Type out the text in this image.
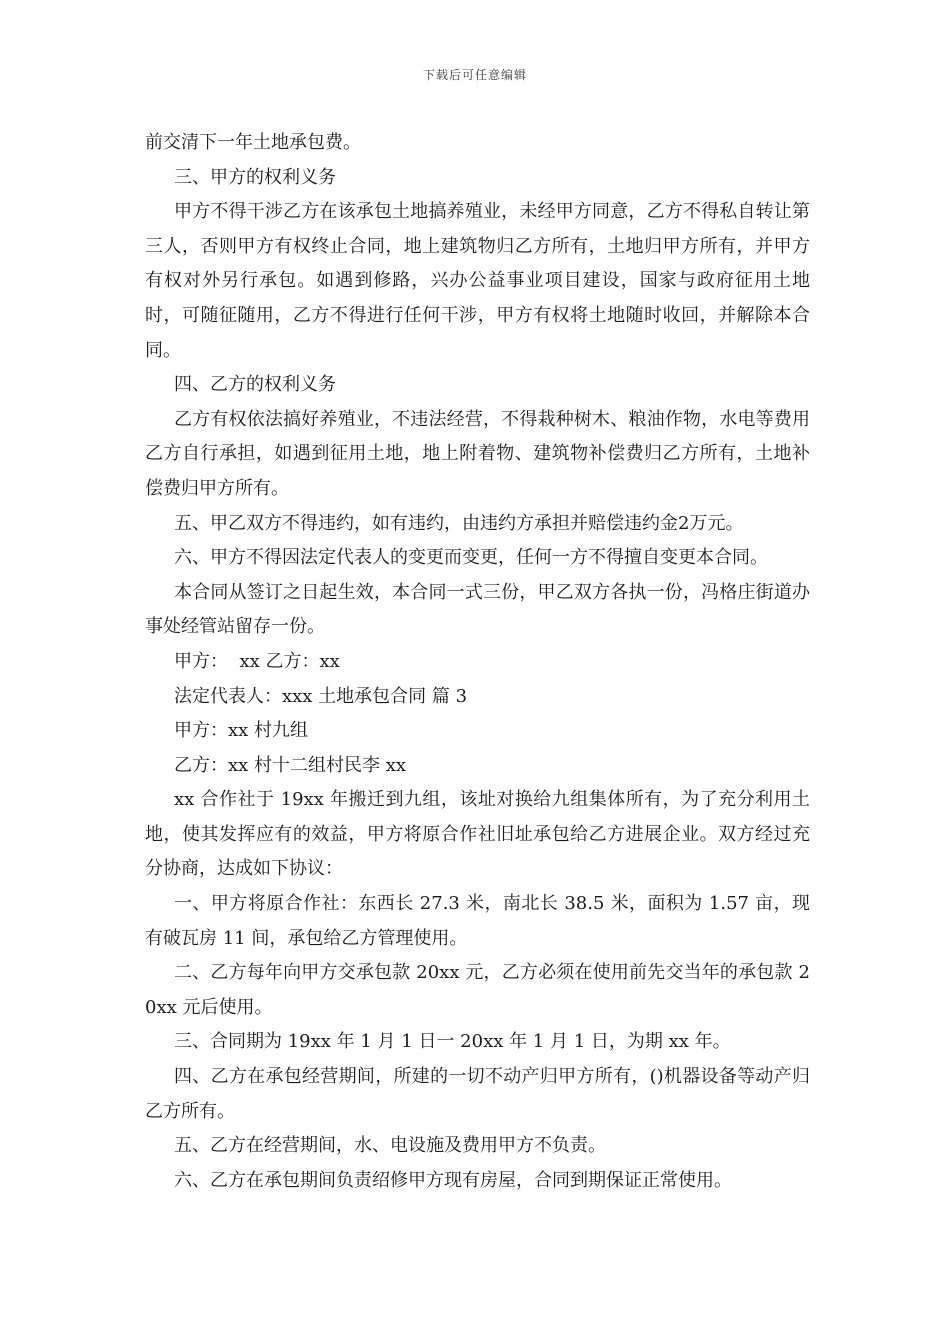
下载后可任意编辑

前交清下一年土地承包费。

三、甲方的权利义务

甲方不得干涉乙方在该承包土地搞养殖业，未经甲方同意，乙方不得私自转让第三人，否则甲方有权终止合同，地上建筑物归乙方所有，土地归甲方所有，并甲方有权对外另行承包。如遇到修路，兴办公益事业项目建设，国家与政府征用土地时，可随征随用，乙方不得进行任何干涉，甲方有权将土地随时收回，并解除本合同。

四、乙方的权利义务

乙方有权依法搞好养殖业，不违法经营，不得栽种树木、粮油作物，水电等费用乙方自行承担，如遇到征用土地，地上附着物、建筑物补偿费归乙方所有，土地补偿费归甲方所有。

五、甲乙双方不得违约，如有违约，由违约方承担并赔偿违约金2万元。

六、甲方不得因法定代表人的变更而变更，任何一方不得擅自变更本合同。

本合同从签订之日起生效，本合同一式三份，甲乙双方各执一份，冯格庄街道办事处经管站留存一份。

甲方：  xx 乙方：xx

法定代表人：xxx 土地承包合同 篇 3

甲方：xx 村九组

乙方：xx 村十二组村民李 xx

xx 合作社于 19xx 年搬迁到九组，该址对换给九组集体所有，为了充分利用土地，使其发挥应有的效益，甲方将原合作社旧址承包给乙方进展企业。双方经过充分协商，达成如下协议：

一、甲方将原合作社：东西长 27.3 米，南北长 38.5 米，面积为 1.57 亩，现有破瓦房 11 间，承包给乙方管理使用。

二、乙方每年向甲方交承包款 20xx 元，乙方必须在使用前先交当年的承包款 20xx 元后使用。

三、合同期为 19xx 年 1 月 1 日一 20xx 年 1 月 1 日，为期 xx 年。

四、乙方在承包经营期间，所建的一切不动产归甲方所有，()机器设备等动产归乙方所有。

五、乙方在经营期间，水、电设施及费用甲方不负责。

六、乙方在承包期间负责绍修甲方现有房屋，合同到期保证正常使用。
